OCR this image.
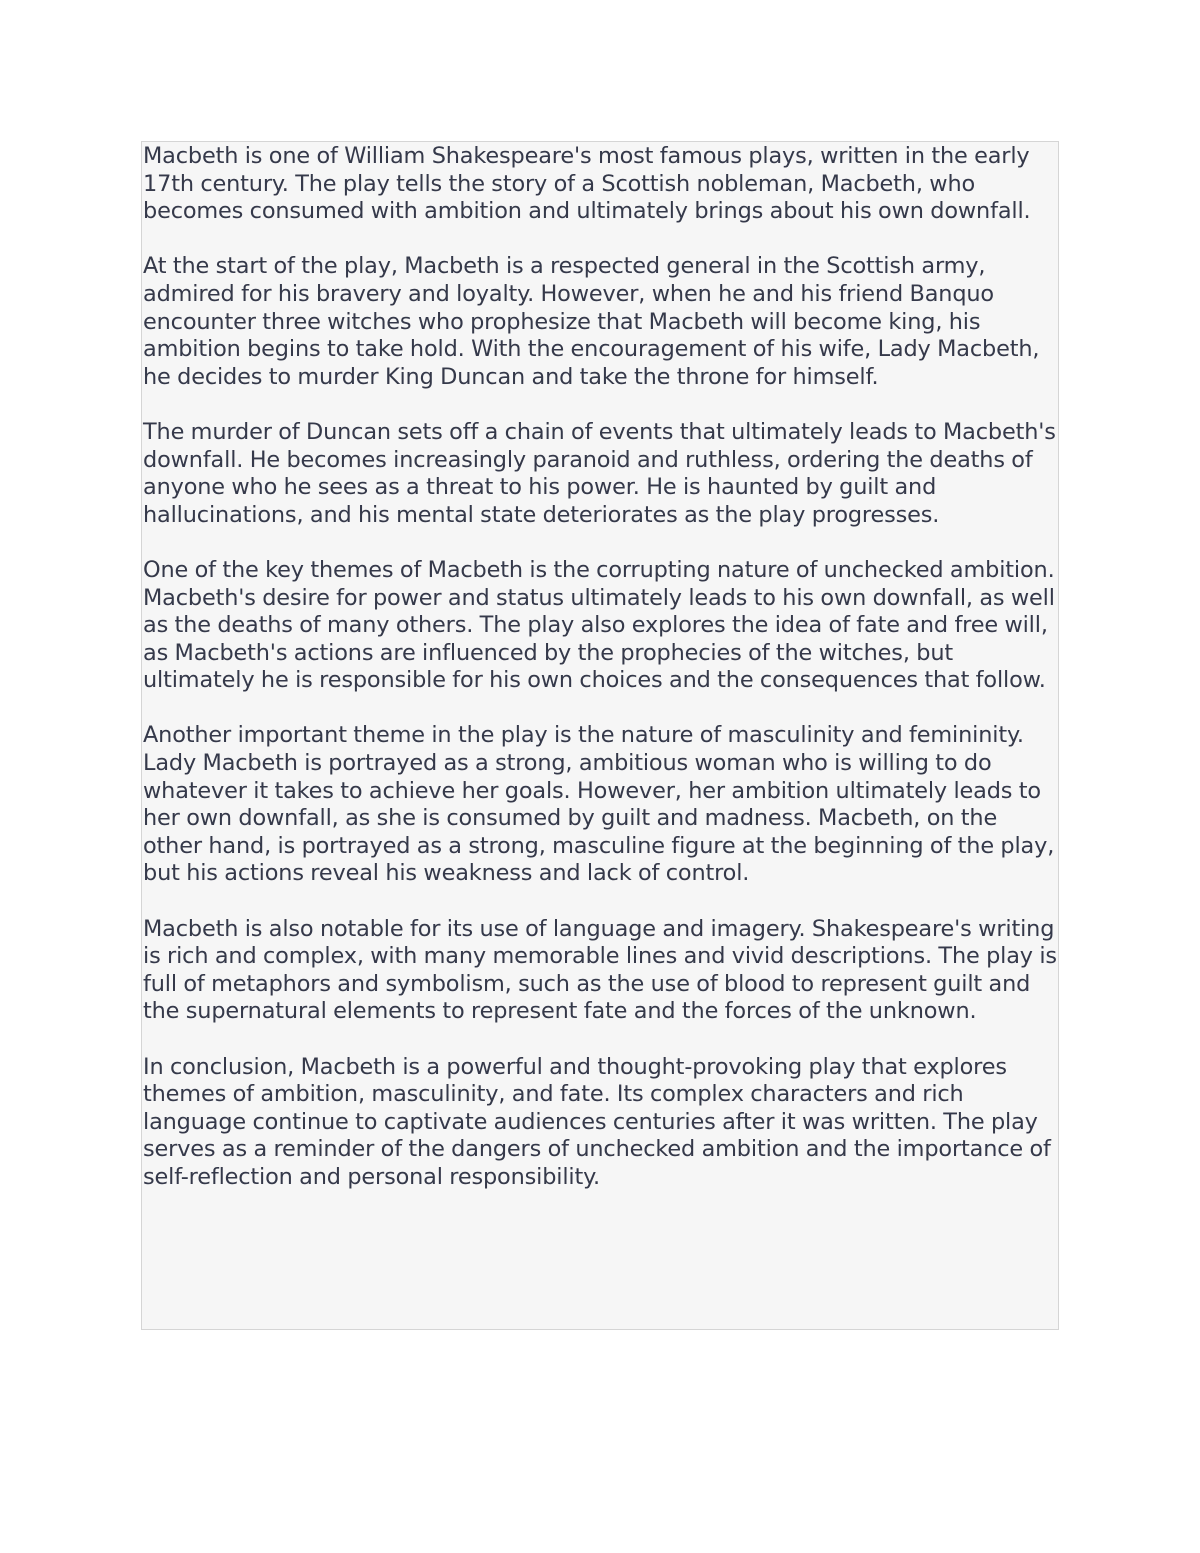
Macbeth is one of William Shakespeare's most famous plays, written in the early 17th century. The play tells the story of a Scottish nobleman, Macbeth, who becomes consumed with ambition and ultimately brings about his own downfall.

At the start of the play, Macbeth is a respected general in the Scottish army, admired for his bravery and loyalty. However, when he and his friend Banquo encounter three witches who prophesize that Macbeth will become king, his ambition begins to take hold. With the encouragement of his wife, Lady Macbeth, he decides to murder King Duncan and take the throne for himself.

The murder of Duncan sets off a chain of events that ultimately leads to Macbeth's downfall. He becomes increasingly paranoid and ruthless, ordering the deaths of anyone who he sees as a threat to his power. He is haunted by guilt and hallucinations, and his mental state deteriorates as the play progresses.

One of the key themes of Macbeth is the corrupting nature of unchecked ambition. Macbeth's desire for power and status ultimately leads to his own downfall, as well as the deaths of many others. The play also explores the idea of fate and free will, as Macbeth's actions are influenced by the prophecies of the witches, but ultimately he is responsible for his own choices and the consequences that follow.

Another important theme in the play is the nature of masculinity and femininity. Lady Macbeth is portrayed as a strong, ambitious woman who is willing to do whatever it takes to achieve her goals. However, her ambition ultimately leads to her own downfall, as she is consumed by guilt and madness. Macbeth, on the other hand, is portrayed as a strong, masculine figure at the beginning of the play, but his actions reveal his weakness and lack of control.

Macbeth is also notable for its use of language and imagery. Shakespeare's writing is rich and complex, with many memorable lines and vivid descriptions. The play is full of metaphors and symbolism, such as the use of blood to represent guilt and the supernatural elements to represent fate and the forces of the unknown.

In conclusion, Macbeth is a powerful and thought-provoking play that explores themes of ambition, masculinity, and fate. Its complex characters and rich language continue to captivate audiences centuries after it was written. The play serves as a reminder of the dangers of unchecked ambition and the importance of self-reflection and personal responsibility.
